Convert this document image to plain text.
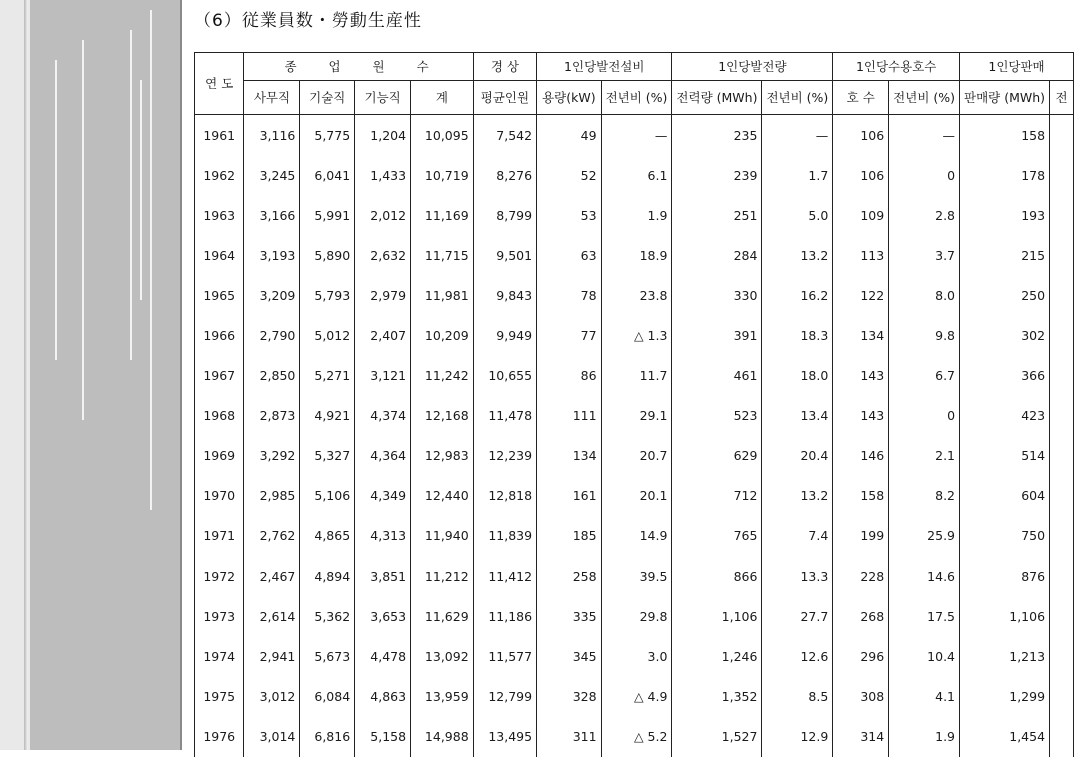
（6）従業員数・勞動生産性
연 도	종 업 원 수				경 상	1인당발전설비		1인당발전량		1인당수용호수		1인당판매	
	사무직	기술직	기능직	계	평균인원	용량(kW)	전년비 (%)	전력량 (MWh)	전년비 (%)	호 수	전년비 (%)	판매량 (MWh)	전
1961	3,116	5,775	1,204	10,095	7,542	49	—	235	—	106	—	158	
1962	3,245	6,041	1,433	10,719	8,276	52	6.1	239	1.7	106	0	178	
1963	3,166	5,991	2,012	11,169	8,799	53	1.9	251	5.0	109	2.8	193	
1964	3,193	5,890	2,632	11,715	9,501	63	18.9	284	13.2	113	3.7	215	
1965	3,209	5,793	2,979	11,981	9,843	78	23.8	330	16.2	122	8.0	250	
1966	2,790	5,012	2,407	10,209	9,949	77	△ 1.3	391	18.3	134	9.8	302	
1967	2,850	5,271	3,121	11,242	10,655	86	11.7	461	18.0	143	6.7	366	
1968	2,873	4,921	4,374	12,168	11,478	111	29.1	523	13.4	143	0	423	
1969	3,292	5,327	4,364	12,983	12,239	134	20.7	629	20.4	146	2.1	514	
1970	2,985	5,106	4,349	12,440	12,818	161	20.1	712	13.2	158	8.2	604	
1971	2,762	4,865	4,313	11,940	11,839	185	14.9	765	7.4	199	25.9	750	
1972	2,467	4,894	3,851	11,212	11,412	258	39.5	866	13.3	228	14.6	876	
1973	2,614	5,362	3,653	11,629	11,186	335	29.8	1,106	27.7	268	17.5	1,106	
1974	2,941	5,673	4,478	13,092	11,577	345	3.0	1,246	12.6	296	10.4	1,213	
1975	3,012	6,084	4,863	13,959	12,799	328	△ 4.9	1,352	8.5	308	4.1	1,299	
1976	3,014	6,816	5,158	14,988	13,495	311	△ 5.2	1,527	12.9	314	1.9	1,454	
